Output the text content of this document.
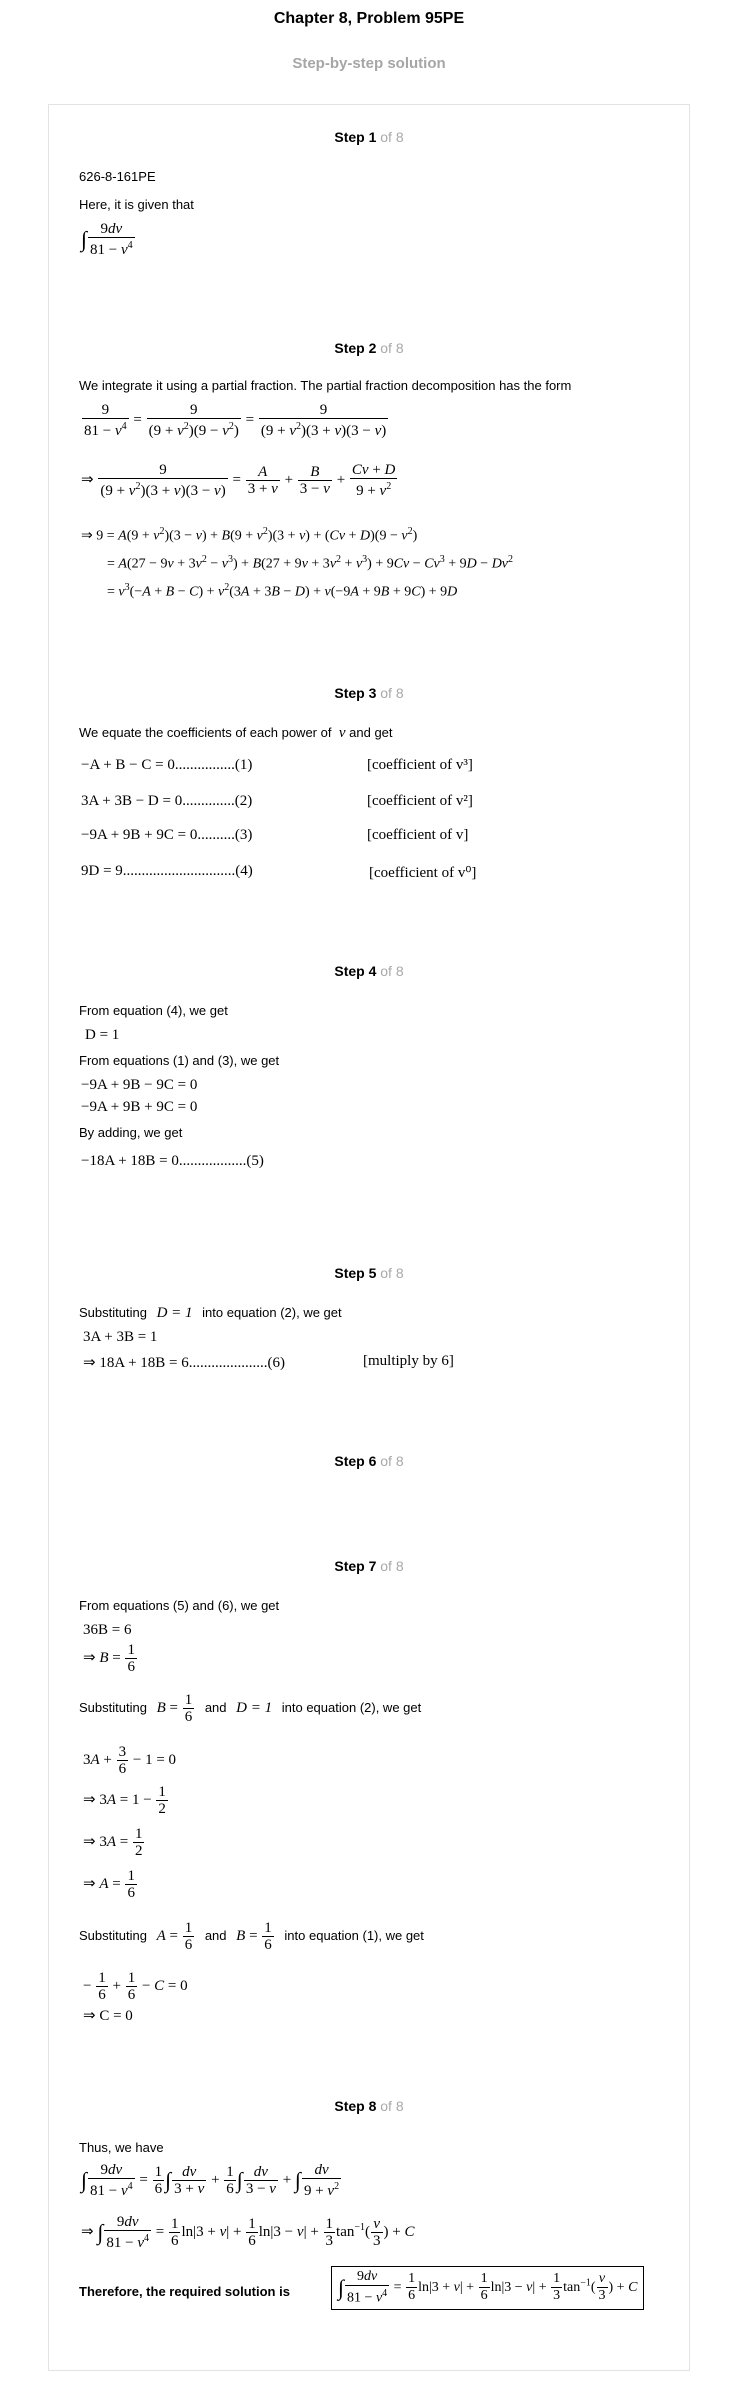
Chapter 8, Problem 95PE
Step-by-step solution
Step 1 of 8
626-8-161PE
Here, it is given that
∫ $\frac{9dv}{81 - v^4}$
Step 2 of 8
We integrate it using a partial fraction. The partial fraction decomposition has the form
$\frac{9}{81 - v^4} = \frac{9}{(9 + v^2)(9 - v^2)} = \frac{9}{(9 + v^2)(3 + v)(3 - v)}$
⇒ $\frac{9}{(9 + v^2)(3 + v)(3 - v)} = \frac{A}{3 + v} + \frac{B}{3 - v} + \frac{Cv + D}{9 + v^2}$
⇒ $9 = A(9 + v^2)(3 - v) + B(9 + v^2)(3 + v) + (Cv + D)(9 - v^2)$
= $A(27 - 9v + 3v^2 - v^3) + B(27 + 9v + 3v^2 + v^3) + 9Cv - Cv^3 + 9D - Dv^2$
= $v^3(-A + B - C) + v^2(3A + 3B - D) + v(-9A + 9B + 9C) + 9D$
Step 3 of 8
We equate the coefficients of each power of  v and get
−A + B − C = 0................(1)	[coefficient of v³]
3A + 3B − D = 0..............(2)	[coefficient of v²]
−9A + 9B + 9C = 0..........(3)	[coefficient of v]
9D = 9..............................(4)	[coefficient of v⁰]
Step 4 of 8
From equation (4), we get
D = 1
From equations (1) and (3), we get
−9A + 9B − 9C = 0
−9A + 9B + 9C = 0
By adding, we get
−18A + 18B = 0..................(5)
Step 5 of 8
Substituting D = 1 into equation (2), we get
3A + 3B = 1
⇒ 18A + 18B = 6.....................(6)	[multiply by 6]
Step 6 of 8
Step 7 of 8
From equations (5) and (6), we get
36B = 6
⇒ $B = \frac{1}{6}$
Substituting $B = \frac{1}{6}$ and D = 1 into equation (2), we get
$3A + \frac{3}{6} - 1 = 0$
⇒ $3A = 1 - \frac{1}{2}$
⇒ $3A = \frac{1}{2}$
⇒ $A = \frac{1}{6}$
Substituting $A = \frac{1}{6}$ and $B = \frac{1}{6}$ into equation (1), we get
− $\frac{1}{6} + \frac{1}{6} - C = 0$
⇒ C = 0
Step 8 of 8
Thus, we have
∫ $\frac{9dv}{81 - v^4} = \frac{1}{6}$ ∫ $\frac{dv}{3 + v} + \frac{1}{6}$ ∫ $\frac{dv}{3 - v}$ + ∫ $\frac{dv}{9 + v^2}$
⇒ ∫ $\frac{9dv}{81 - v^4} = \frac{1}{6} \ln|3 + v| + \frac{1}{6} \ln|3 - v| + \frac{1}{3} \tan^{-1}( \frac{v}{3}$ ) + C
Therefore, the required solution is	∫ $\frac{9dv}{81 - v^4} = \frac{1}{6} \ln|3 + v| + \frac{1}{6} \ln|3 - v| + \frac{1}{3} \tan^{-1}( \frac{v}{3}$ ) + C
